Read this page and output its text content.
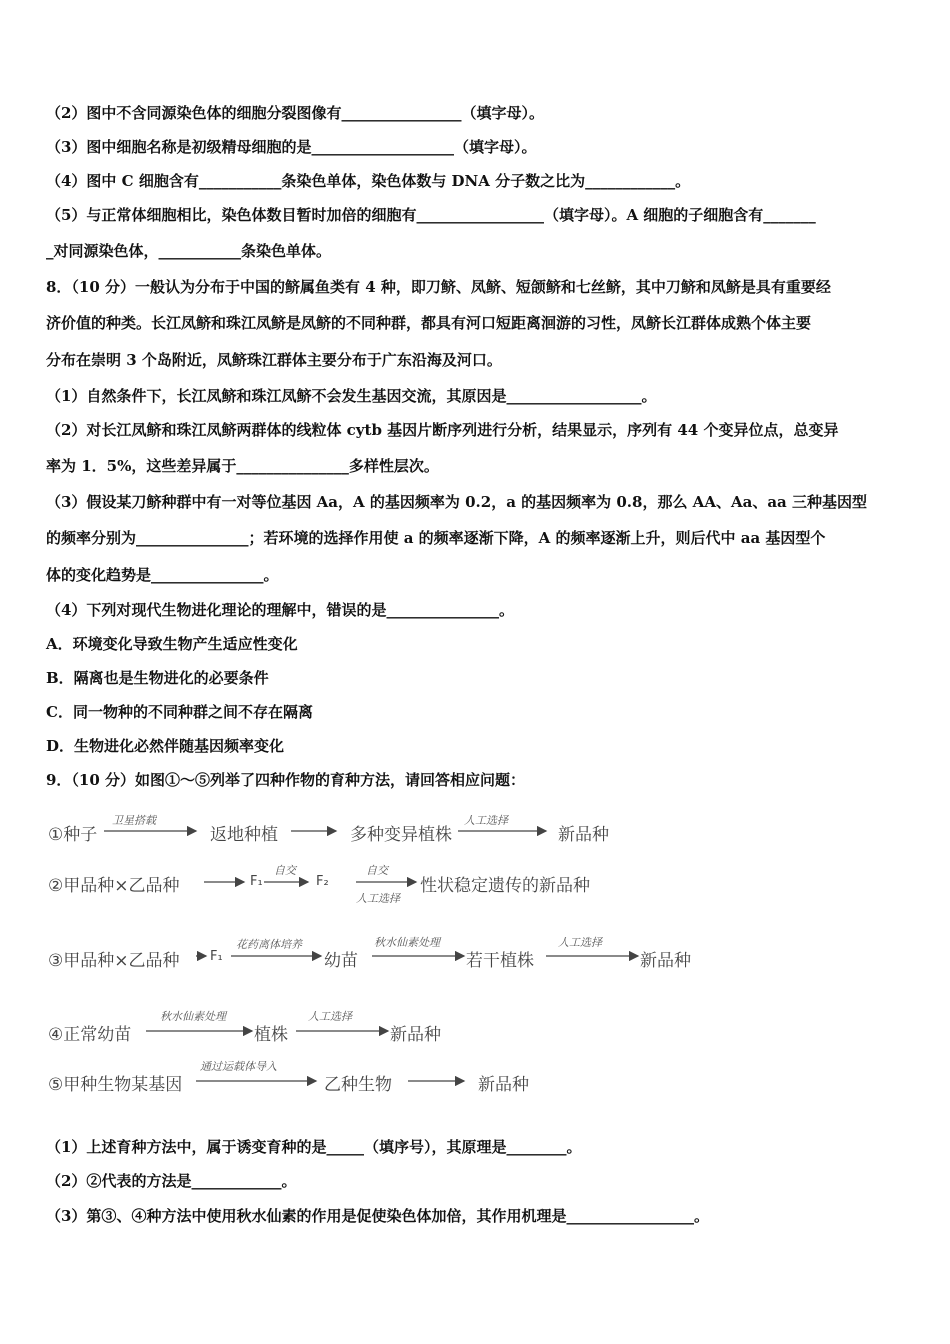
（2）图中不含同源染色体的细胞分裂图像有________________（填字母）。
（3）图中细胞名称是初级精母细胞的是___________________（填字母）。
（4）图中 C 细胞含有___________条染色单体，染色体数与 DNA 分子数之比为____________。
（5）与正常体细胞相比，染色体数目暂时加倍的细胞有_________________（填字母）。A 细胞的子细胞含有_______
_对同源染色体，___________条染色单体。
8．（10 分）一般认为分布于中国的鲚属鱼类有 4 种，即刀鲚、凤鲚、短颌鲚和七丝鲚，其中刀鲚和凤鲚是具有重要经
济价值的种类。长江凤鲚和珠江凤鲚是凤鲚的不同种群，都具有河口短距离洄游的习性，凤鲚长江群体成熟个体主要
分布在崇明 3 个岛附近，凤鲚珠江群体主要分布于广东沿海及河口。
（1）自然条件下，长江凤鲚和珠江凤鲚不会发生基因交流，其原因是__________________。
（2）对长江凤鲚和珠江凤鲚两群体的线粒体 cytb 基因片断序列进行分析，结果显示，序列有 44 个变异位点，总变异
率为 1．5%，这些差异属于_______________多样性层次。
（3）假设某刀鲚种群中有一对等位基因 Aa，A 的基因频率为 0.2，a 的基因频率为 0.8，那么 AA、Aa、aa 三种基因型
的频率分别为_______________；若环境的选择作用使 a 的频率逐渐下降，A 的频率逐渐上升，则后代中 aa 基因型个
体的变化趋势是_______________。
（4）下列对现代生物进化理论的理解中，错误的是_______________。
A．环境变化导致生物产生适应性变化
B．隔离也是生物进化的必要条件
C．同一物种的不同种群之间不存在隔离
D．生物进化必然伴随基因频率变化
9．（10 分）如图①～⑤列举了四种作物的育种方法，请回答相应问题：
①种子
卫星搭载
返地种植	多种变异植株
人工选择
新品种
②甲品种×乙品种	F₁
自交
F₂
自交
人工选择
性状稳定遗传的新品种
③甲品种×乙品种 F₁
花药离体培养
幼苗
秋水仙素处理
若干植株
人工选择
新品种
④正常幼苗
秋水仙素处理
植株
人工选择
新品种
⑤甲种生物某基因
通过运载体导入
乙种生物	新品种
（1）上述育种方法中，属于诱变育种的是_____（填序号），其原理是________。
（2）②代表的方法是____________。
（3）第③、④种方法中使用秋水仙素的作用是促使染色体加倍，其作用机理是_________________。
